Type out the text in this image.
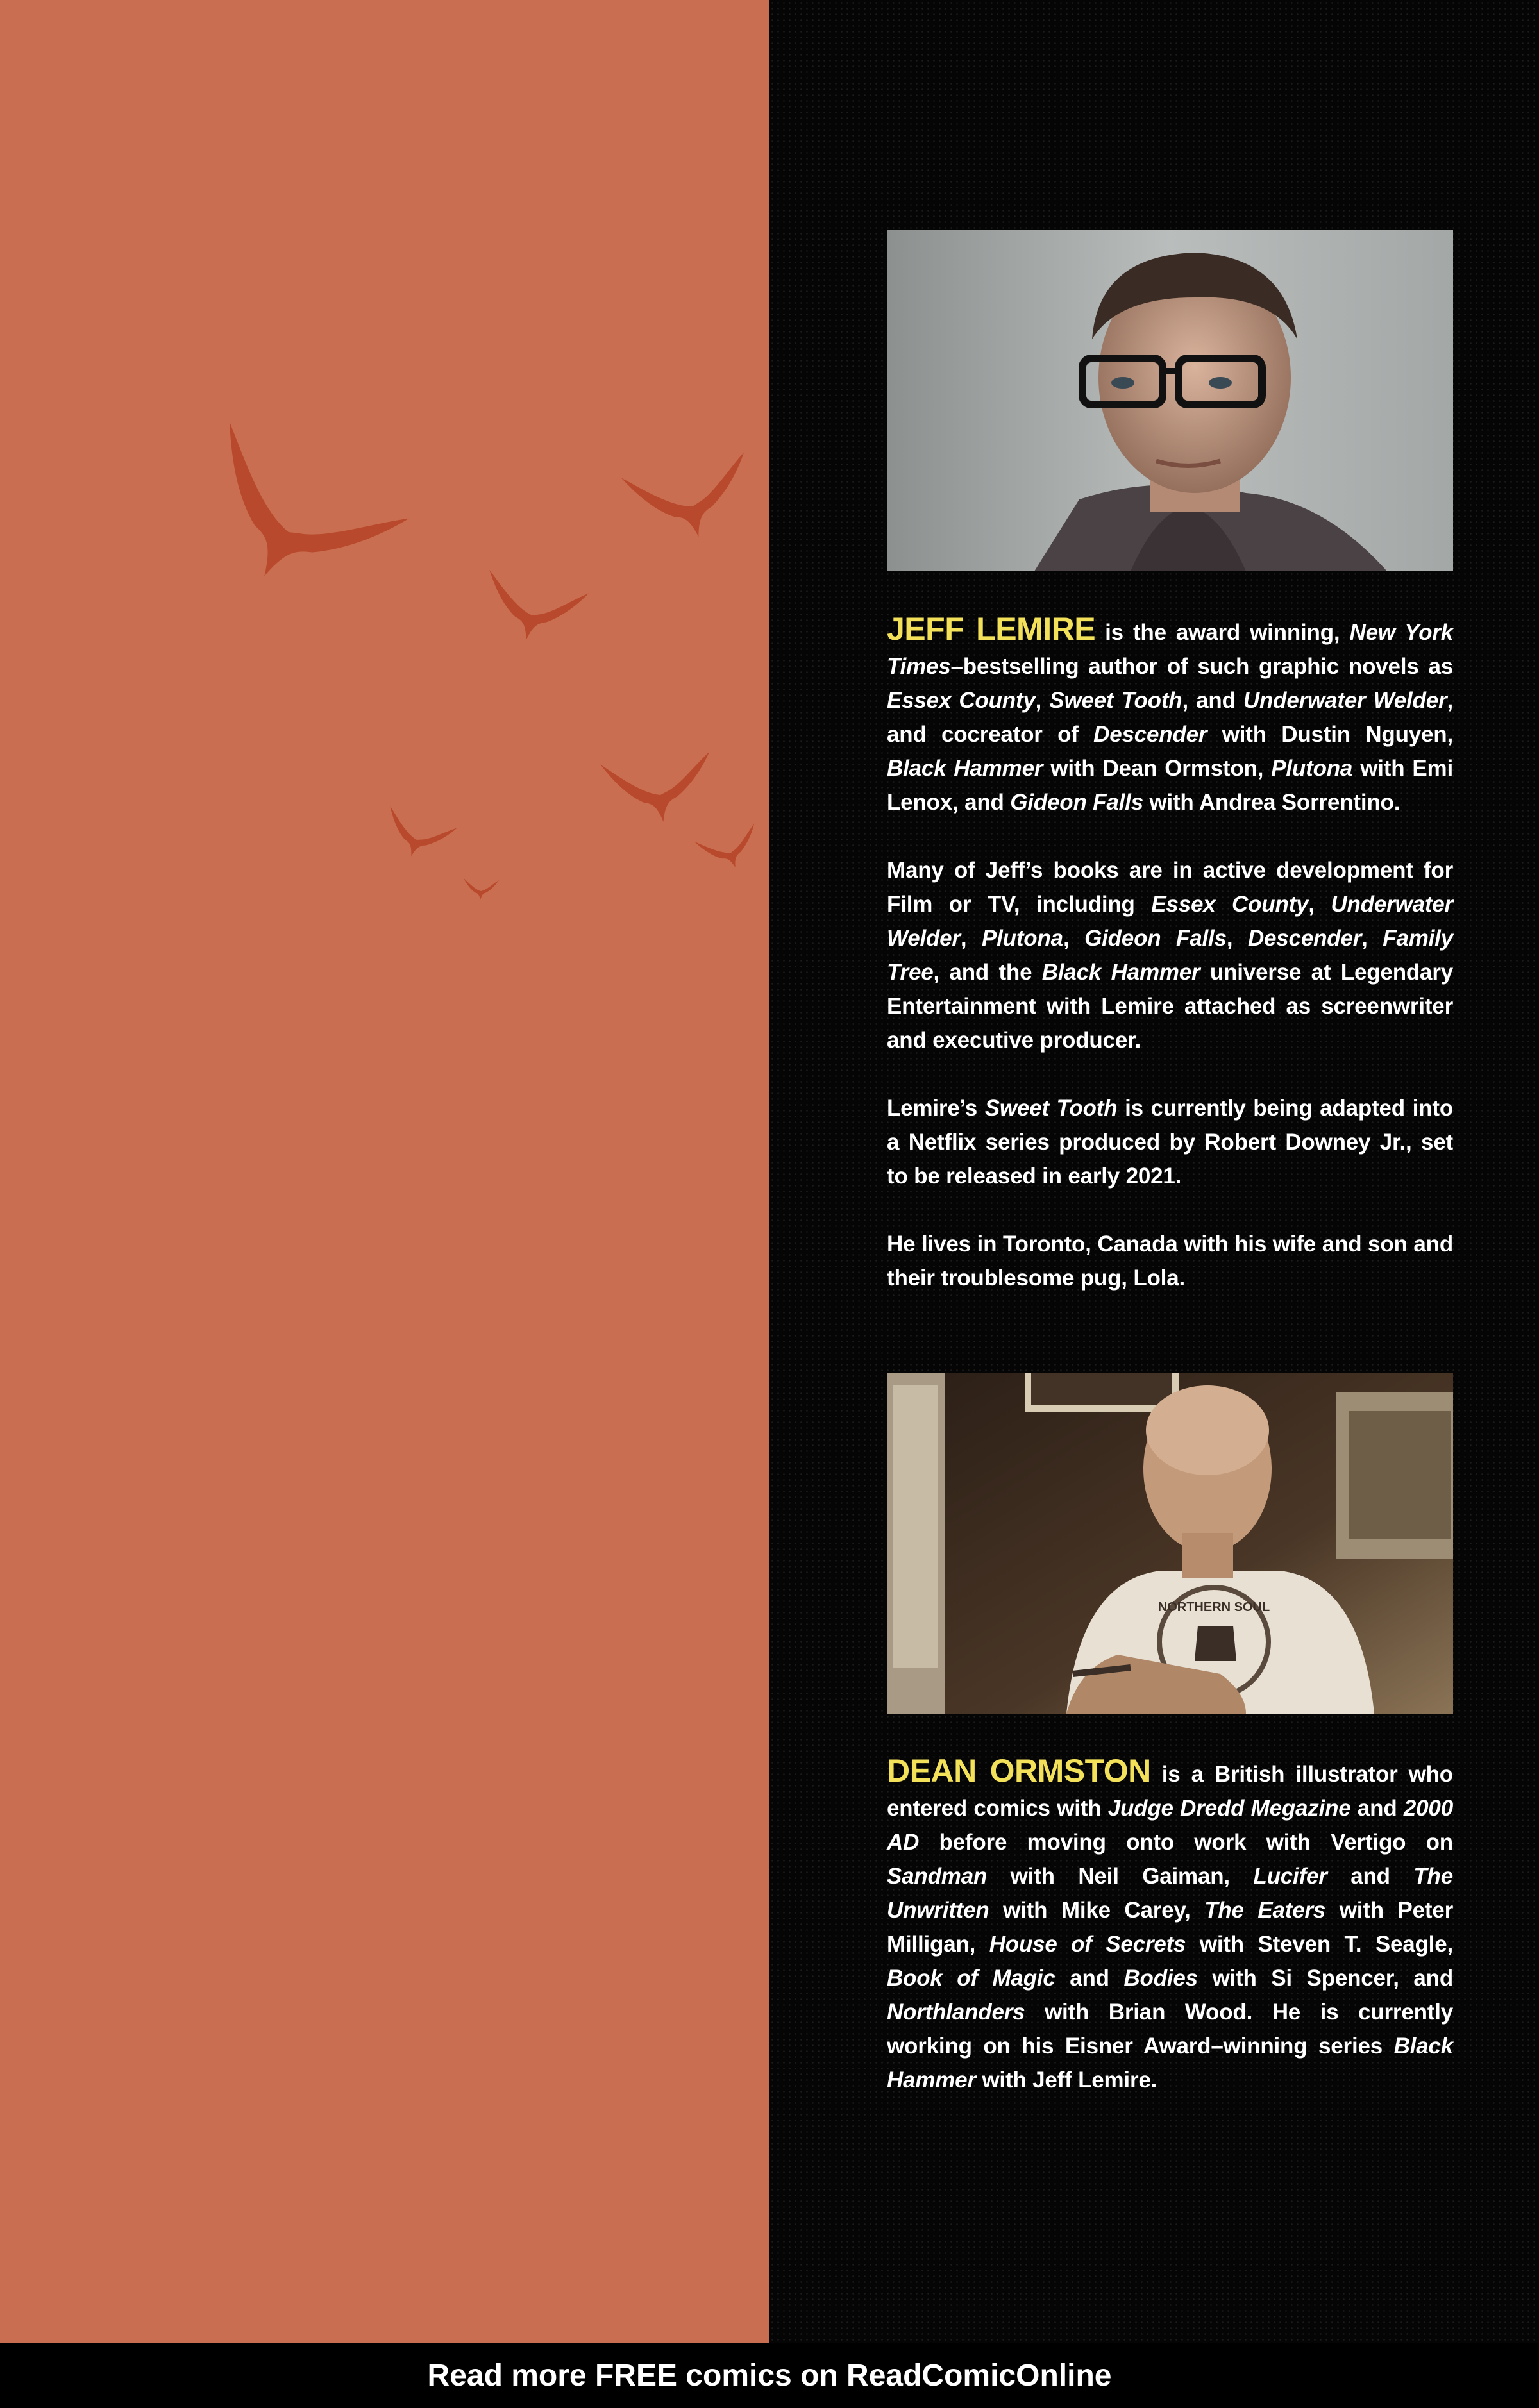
JEFF LEMIRE is the award winning, New York Times–bestselling author of such graphic novels as Essex County, Sweet Tooth, and Underwater Welder, and cocreator of Descender with Dustin Nguyen, Black Hammer with Dean Ormston, Plutona with Emi Lenox, and Gideon Falls with Andrea Sorrentino.

Many of Jeff’s books are in active development for Film or TV, including Essex County, Underwater Welder, Plutona, Gideon Falls, Descender, Family Tree, and the Black Hammer universe at Legendary Entertainment with Lemire attached as screenwriter and executive producer.

Lemire’s Sweet Tooth is currently being adapted into a Netflix series produced by Robert Downey Jr., set to be released in early 2021.

He lives in Toronto, Canada with his wife and son and their troublesome pug, Lola.

NORTHERN SOUL

DEAN ORMSTON is a British illustrator who entered comics with Judge Dredd Megazine and 2000 AD before moving onto work with Vertigo on Sandman with Neil Gaiman, Lucifer and The Unwritten with Mike Carey, The Eaters with Peter Milligan, House of Secrets with Steven T. Seagle, Book of Magic and Bodies with Si Spencer, and Northlanders with Brian Wood. He is currently working on his Eisner Award–winning series Black Hammer with Jeff Lemire.

Read more FREE comics on ReadComicOnline
